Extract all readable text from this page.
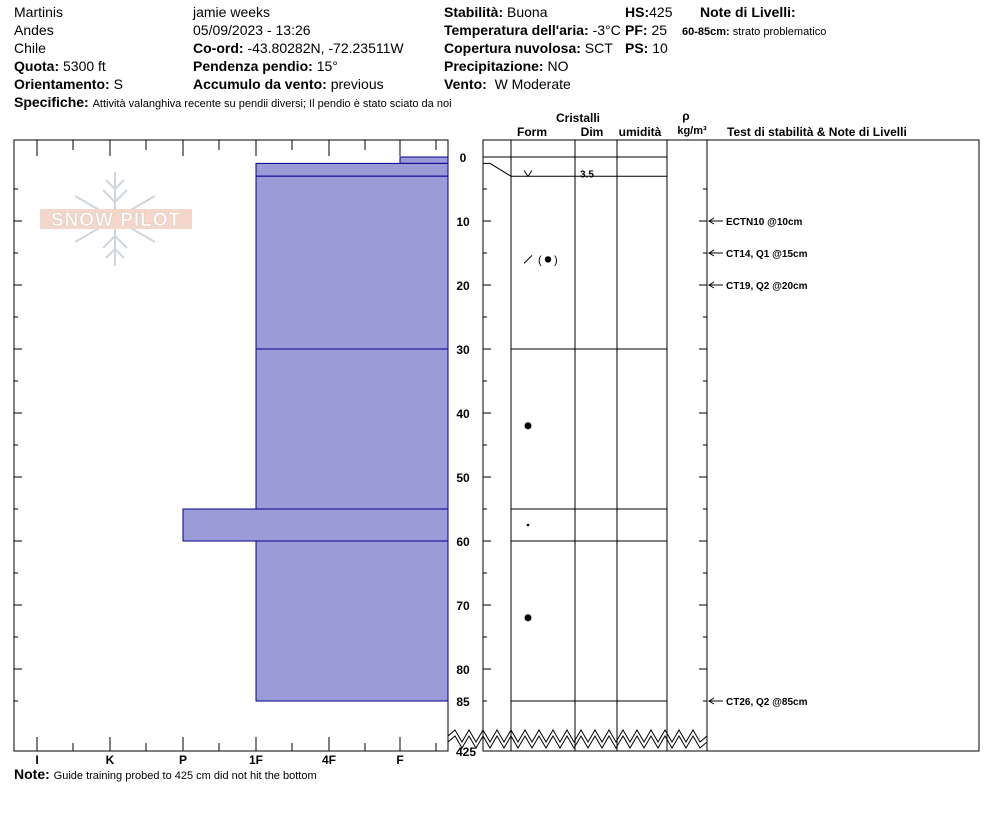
Martinis
Andes
Chile
Quota: 5300 ft
Orientamento: S
jamie weeks
05/09/2023 - 13:26
Co-ord: -43.80282N, -72.23511W
Pendenza pendio: 15°
Accumulo da vento: previous
Stabilità: Buona
Temperatura dell'aria: -3°C
Copertura nuvolosa: SCT
Precipitazione: NO
Vento: W Moderate
HS:425
PF: 25
PS: 10
Note di Livelli:
60-85cm: strato problematico
Specifiche: Attività valanghiva recente su pendii diversi; Il pendio è stato sciato da noi
Note: Guide training probed to 425 cm did not hit the bottom
SNOW PILOT
I	K	P	1F	4F	F
0
10
20
30
40
50
60
70
80
85
425
ECTN10 @10cm
CT14, Q1 @15cm
CT19, Q2 @20cm
CT26, Q2 @85cm
3.5
( )
Cristalli
Form	Dim umidità
ρ
kg/m³ Test di stabilità & Note di Livelli
